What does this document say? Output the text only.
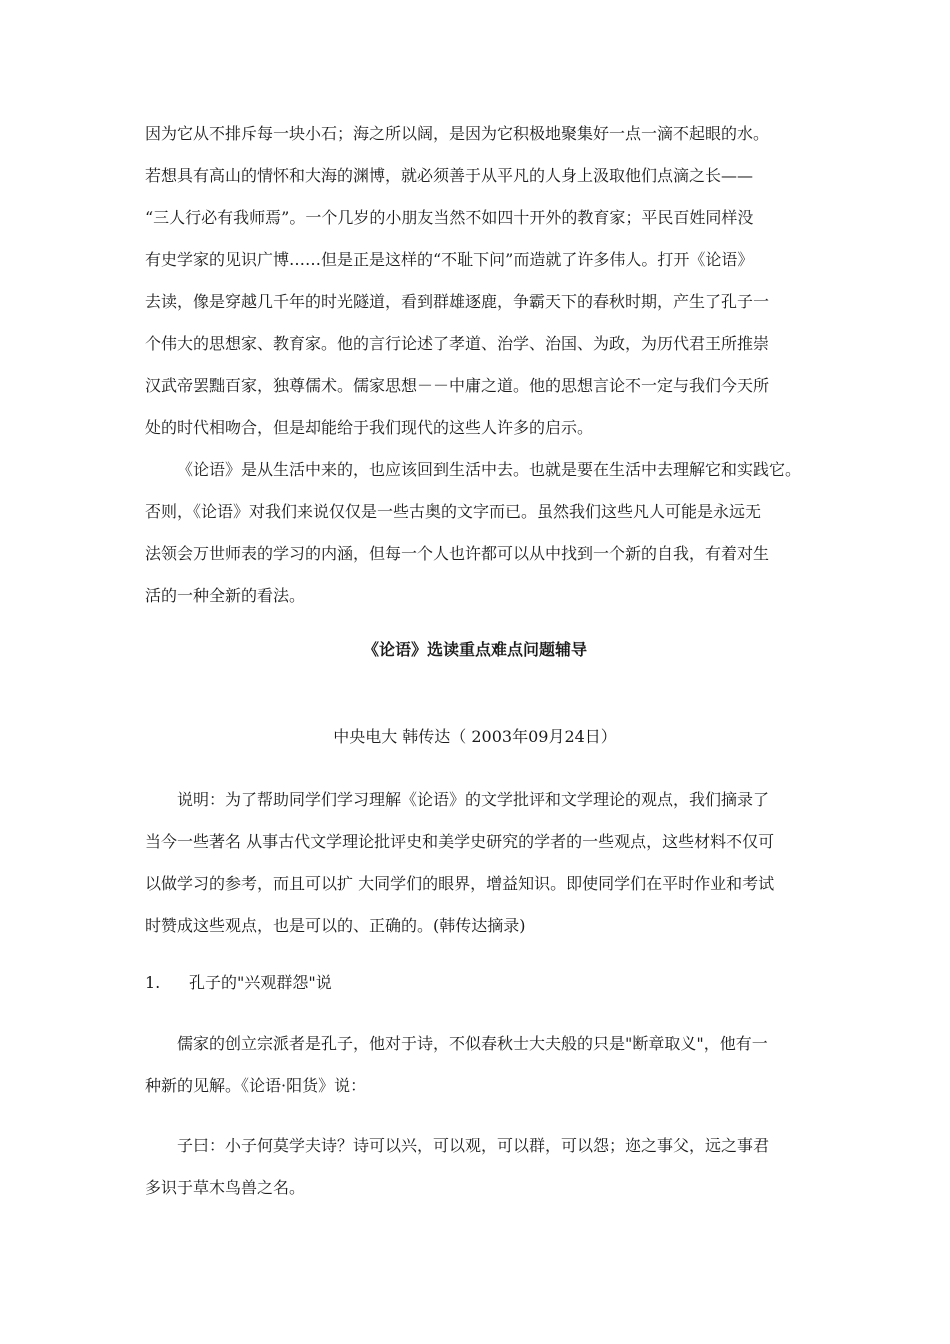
因为它从不排斥每一块小石；海之所以阔，是因为它积极地聚集好一点一滴不起眼的水。
若想具有高山的情怀和大海的渊博，就必须善于从平凡的人身上汲取他们点滴之长——
“三人行必有我师焉”。一个几岁的小朋友当然不如四十开外的教育家；平民百姓同样没
有史学家的见识广博……但是正是这样的“不耻下问”而造就了许多伟人。打开《论语》
去读，像是穿越几千年的时光隧道，看到群雄逐鹿，争霸天下的春秋时期，产生了孔子一
个伟大的思想家、教育家。他的言行论述了孝道、治学、治国、为政，为历代君王所推崇
汉武帝罢黜百家，独尊儒术。儒家思想－－中庸之道。他的思想言论不一定与我们今天所
处的时代相吻合，但是却能给于我们现代的这些人许多的启示。
《论语》是从生活中来的，也应该回到生活中去。也就是要在生活中去理解它和实践它。
否则，《论语》对我们来说仅仅是一些古奥的文字而已。虽然我们这些凡人可能是永远无
法领会万世师表的学习的内涵，但每一个人也许都可以从中找到一个新的自我，有着对生
活的一种全新的看法。
《论语》选读重点难点问题辅导
中央电大 韩传达（ 2003年09月24日）
说明：为了帮助同学们学习理解《论语》的文学批评和文学理论的观点，我们摘录了
当今一些著名 从事古代文学理论批评史和美学史研究的学者的一些观点，这些材料不仅可
以做学习的参考，而且可以扩 大同学们的眼界，增益知识。即使同学们在平时作业和考试
时赞成这些观点，也是可以的、正确的。(韩传达摘录)
1. 孔子的"兴观群怨"说
儒家的创立宗派者是孔子，他对于诗，不似春秋士大夫般的只是"断章取义"，他有一
种新的见解。《论语·阳货》说：
子曰：小子何莫学夫诗？诗可以兴，可以观，可以群，可以怨；迩之事父，远之事君
多识于草木鸟兽之名。
